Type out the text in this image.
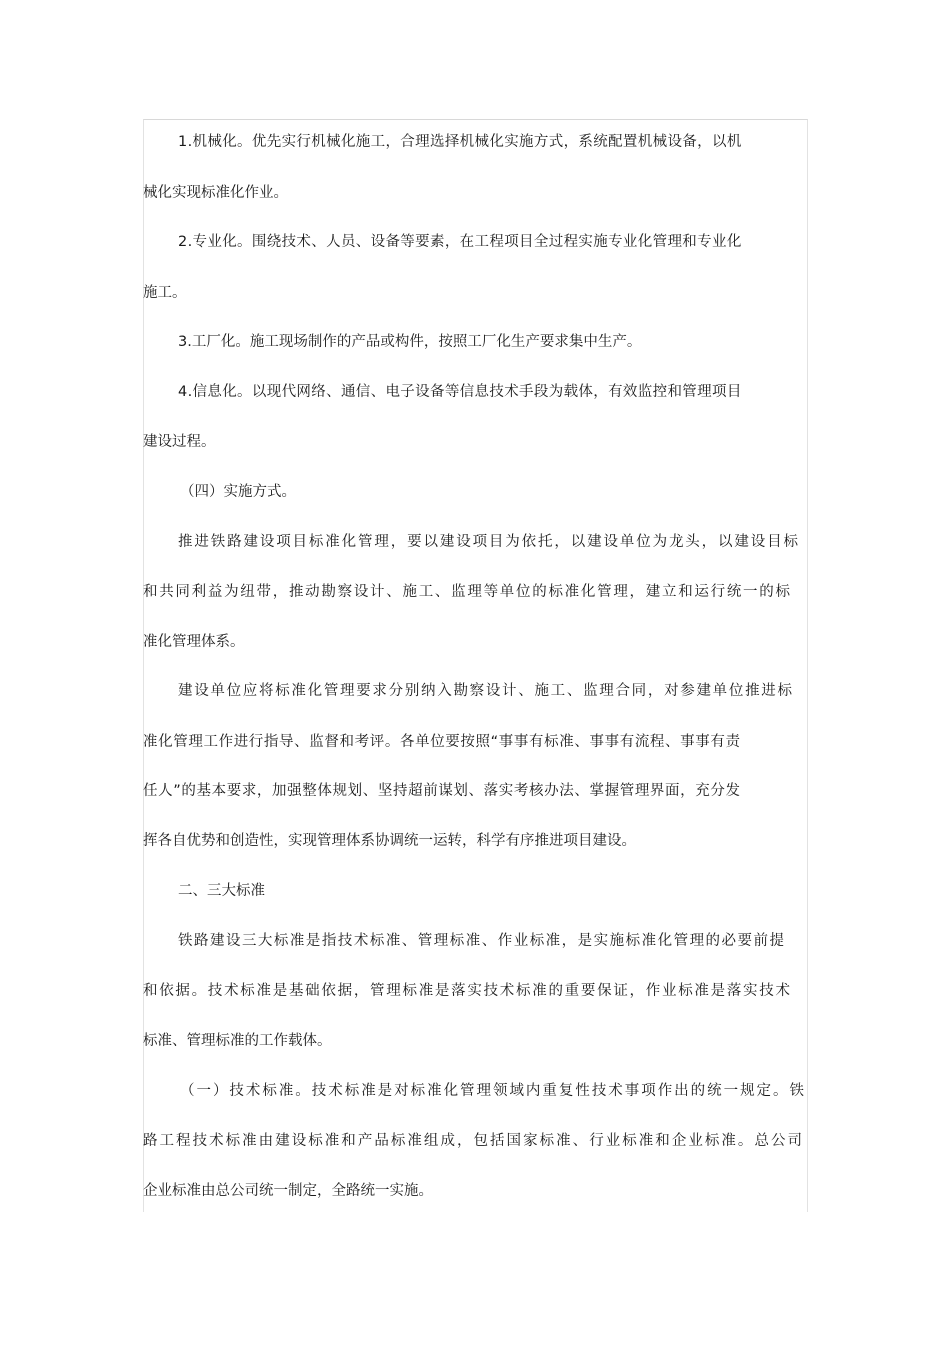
1.机械化。优先实行机械化施工，合理选择机械化实施方式，系统配置机械设备，以机
械化实现标准化作业。
2.专业化。围绕技术、人员、设备等要素，在工程项目全过程实施专业化管理和专业化
施工。
3.工厂化。施工现场制作的产品或构件，按照工厂化生产要求集中生产。
4.信息化。以现代网络、通信、电子设备等信息技术手段为载体，有效监控和管理项目
建设过程。
（四）实施方式。
推进铁路建设项目标准化管理，要以建设项目为依托，以建设单位为龙头，以建设目标
和共同利益为纽带，推动勘察设计、施工、监理等单位的标准化管理，建立和运行统一的标
准化管理体系。
建设单位应将标准化管理要求分别纳入勘察设计、施工、监理合同，对参建单位推进标
准化管理工作进行指导、监督和考评。各单位要按照“事事有标准、事事有流程、事事有责
任人”的基本要求，加强整体规划、坚持超前谋划、落实考核办法、掌握管理界面，充分发
挥各自优势和创造性，实现管理体系协调统一运转，科学有序推进项目建设。
二、三大标准
铁路建设三大标准是指技术标准、管理标准、作业标准，是实施标准化管理的必要前提
和依据。技术标准是基础依据，管理标准是落实技术标准的重要保证，作业标准是落实技术
标准、管理标准的工作载体。
（一）技术标准。技术标准是对标准化管理领域内重复性技术事项作出的统一规定。铁
路工程技术标准由建设标准和产品标准组成，包括国家标准、行业标准和企业标准。总公司
企业标准由总公司统一制定，全路统一实施。
